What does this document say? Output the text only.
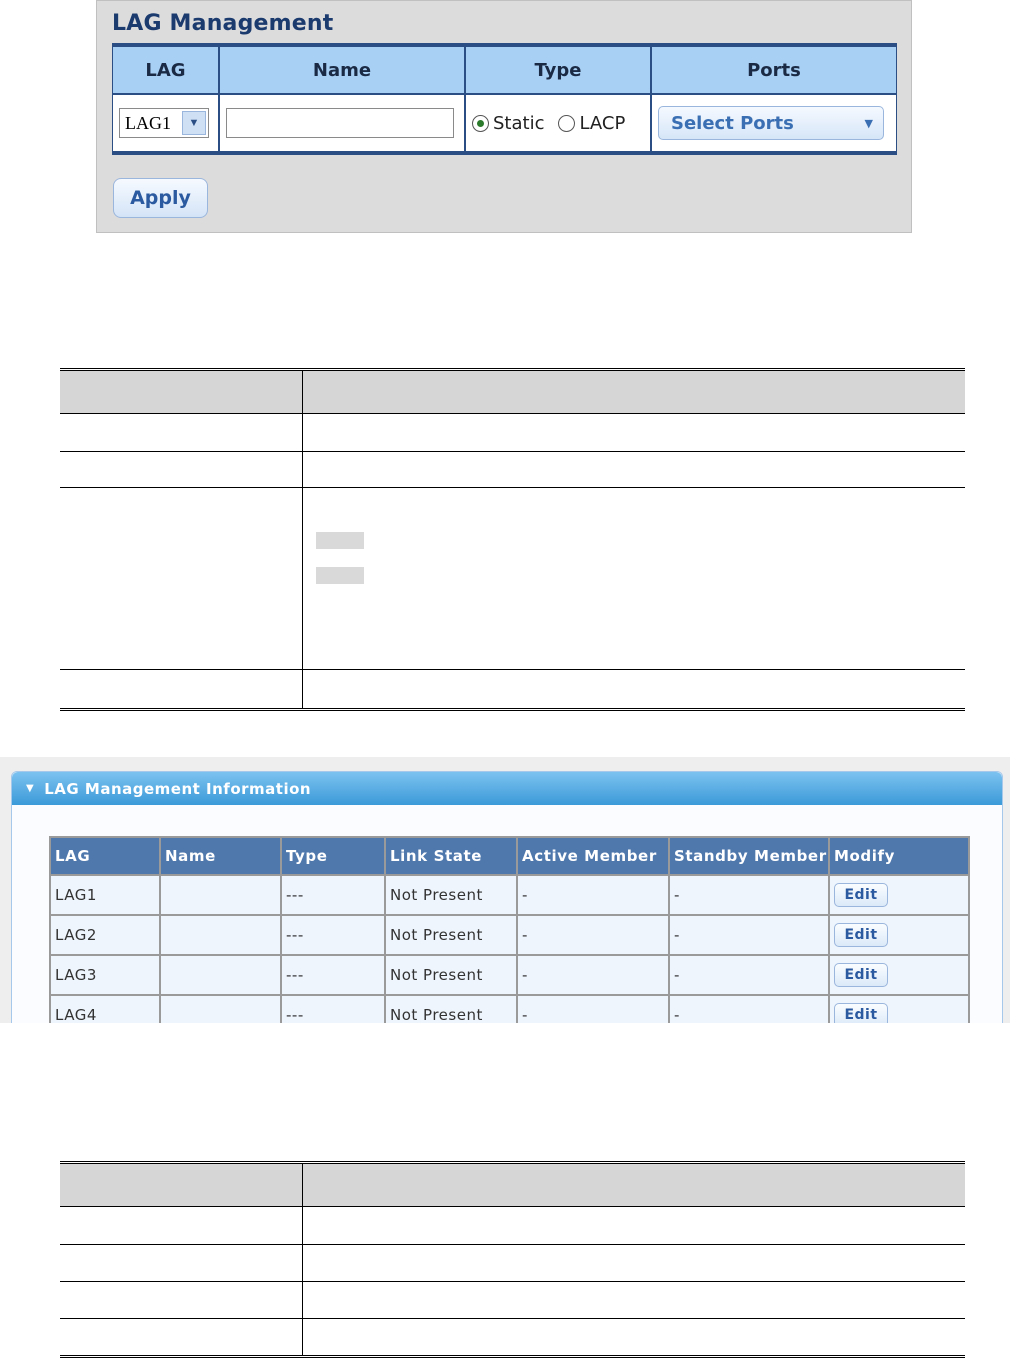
LAG Management
LAG	Name	Type	Ports

LAG1 ▼		Static LACP	Select Ports ▼
Apply

▼ LAG Management Information
LAG	Name	Type	Link State	Active Member	Standby Member	Modify
LAG1		---	Not Present	-	-	Edit
LAG2		---	Not Present	-	-	Edit
LAG3		---	Not Present	-	-	Edit
LAG4		---	Not Present	-	-	Edit
